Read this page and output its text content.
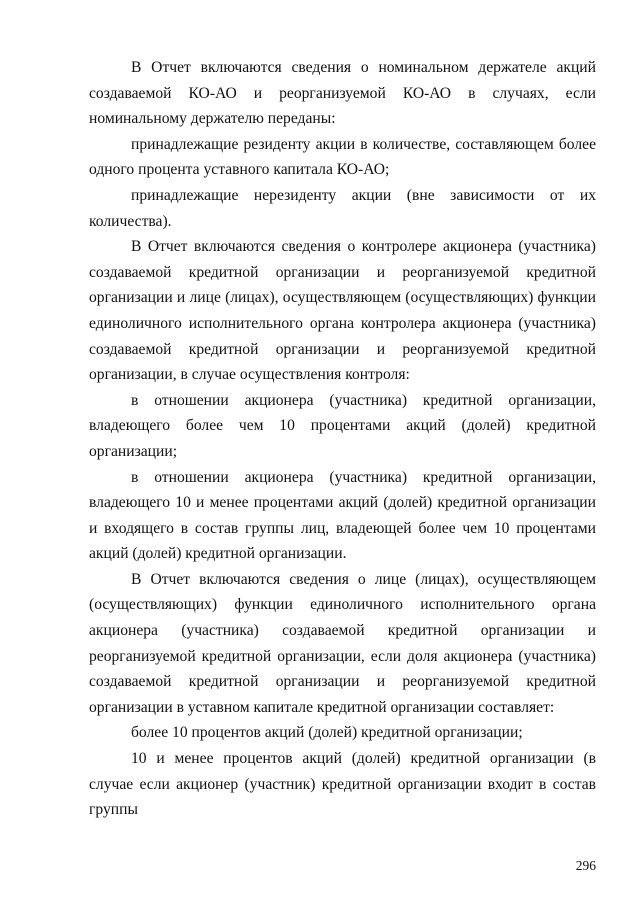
В Отчет включаются сведения о номинальном держателе акций создаваемой КО-АО и реорганизуемой КО-АО в случаях, если номинальному держателю переданы:

принадлежащие резиденту акции в количестве, составляющем более одного процента уставного капитала КО-АО;

принадлежащие нерезиденту акции (вне зависимости от их количества).

В Отчет включаются сведения о контролере акционера (участника) создаваемой кредитной организации и реорганизуемой кредитной организации и лице (лицах), осуществляющем (осуществляющих) функции единоличного исполнительного органа контролера акционера (участника) создаваемой кредитной организации и реорганизуемой кредитной организации, в случае осуществления контроля:

в отношении акционера (участника) кредитной организации, владеющего более чем 10 процентами акций (долей) кредитной организации;

в отношении акционера (участника) кредитной организации, владеющего 10 и менее процентами акций (долей) кредитной организации и входящего в состав группы лиц, владеющей более чем 10 процентами акций (долей) кредитной организации.

В Отчет включаются сведения о лице (лицах), осуществляющем (осуществляющих) функции единоличного исполнительного органа акционера (участника) создаваемой кредитной организации и реорганизуемой кредитной организации, если доля акционера (участника) создаваемой кредитной организации и реорганизуемой кредитной организации в уставном капитале кредитной организации составляет:

более 10 процентов акций (долей) кредитной организации;

10 и менее процентов акций (долей) кредитной организации (в случае если акционер (участник) кредитной организации входит в состав группы

296
